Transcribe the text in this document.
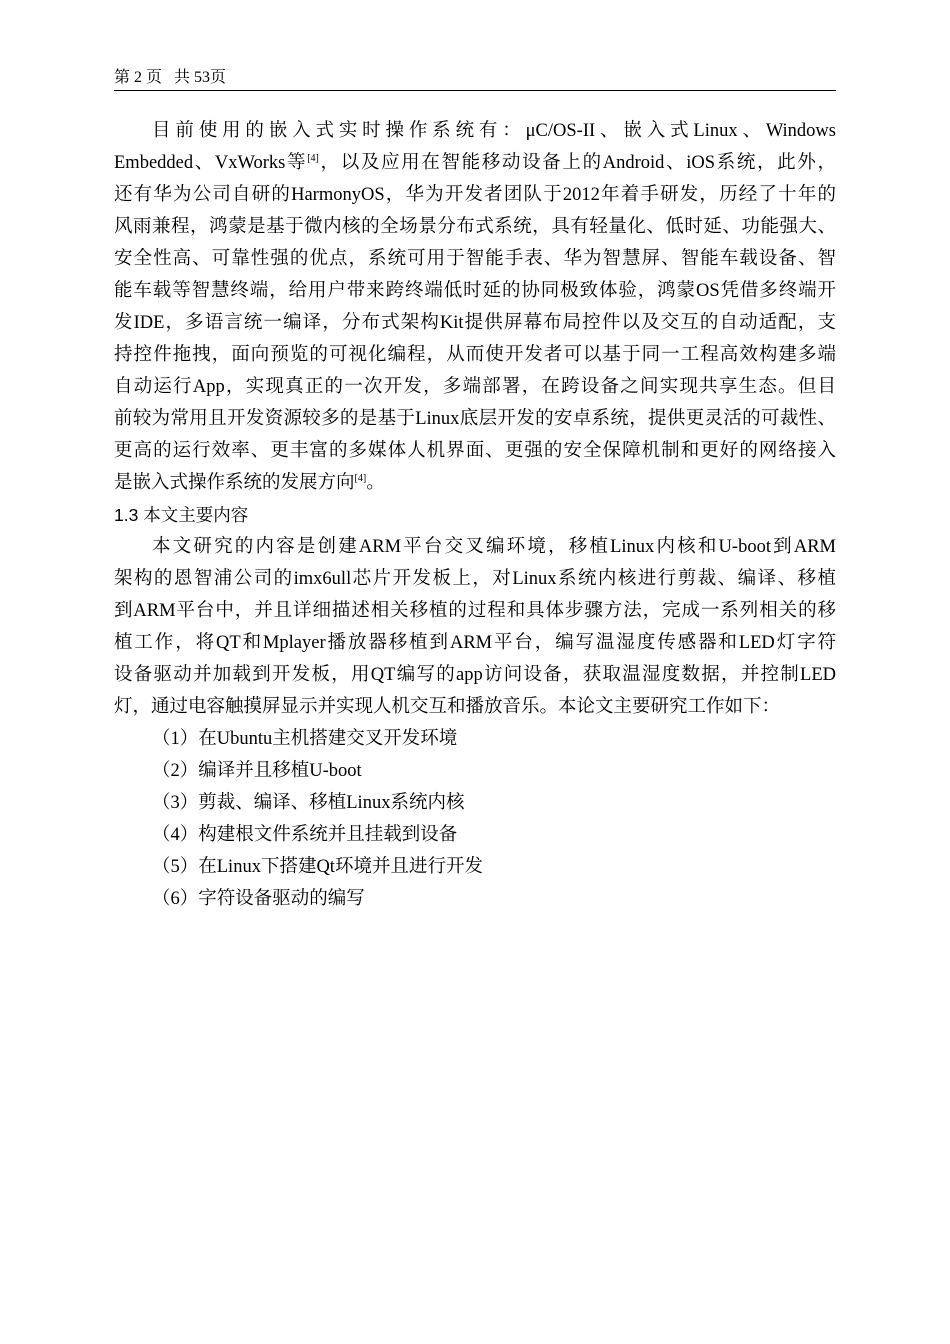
第 2 页   共 53页
目前使用的嵌入式实时操作系统有：μC/OS-II、嵌入式Linux、Windows
Embedded、VxWorks等[4]，以及应用在智能移动设备上的Android、iOS系统，此外，
还有华为公司自研的HarmonyOS，华为开发者团队于2012年着手研发，历经了十年的
风雨兼程，鸿蒙是基于微内核的全场景分布式系统，具有轻量化、低时延、功能强大、
安全性高、可靠性强的优点，系统可用于智能手表、华为智慧屏、智能车载设备、智
能车载等智慧终端，给用户带来跨终端低时延的协同极致体验，鸿蒙OS凭借多终端开
发IDE，多语言统一编译，分布式架构Kit提供屏幕布局控件以及交互的自动适配，支
持控件拖拽，面向预览的可视化编程，从而使开发者可以基于同一工程高效构建多端
自动运行App，实现真正的一次开发，多端部署，在跨设备之间实现共享生态。但目
前较为常用且开发资源较多的是基于Linux底层开发的安卓系统，提供更灵活的可裁性、
更高的运行效率、更丰富的多媒体人机界面、更强的安全保障机制和更好的网络接入
是嵌入式操作系统的发展方向[4]。
1.3 本文主要内容
本文研究的内容是创建ARM平台交叉编环境，移植Linux内核和U-boot到ARM
架构的恩智浦公司的imx6ull芯片开发板上，对Linux系统内核进行剪裁、编译、移植
到ARM平台中，并且详细描述相关移植的过程和具体步骤方法，完成一系列相关的移
植工作，将QT和Mplayer播放器移植到ARM平台，编写温湿度传感器和LED灯字符
设备驱动并加载到开发板，用QT编写的app访问设备，获取温湿度数据，并控制LED
灯，通过电容触摸屏显示并实现人机交互和播放音乐。本论文主要研究工作如下：
（1）在Ubuntu主机搭建交叉开发环境
（2）编译并且移植U-boot
（3）剪裁、编译、移植Linux系统内核
（4）构建根文件系统并且挂载到设备
（5）在Linux下搭建Qt环境并且进行开发
（6）字符设备驱动的编写
